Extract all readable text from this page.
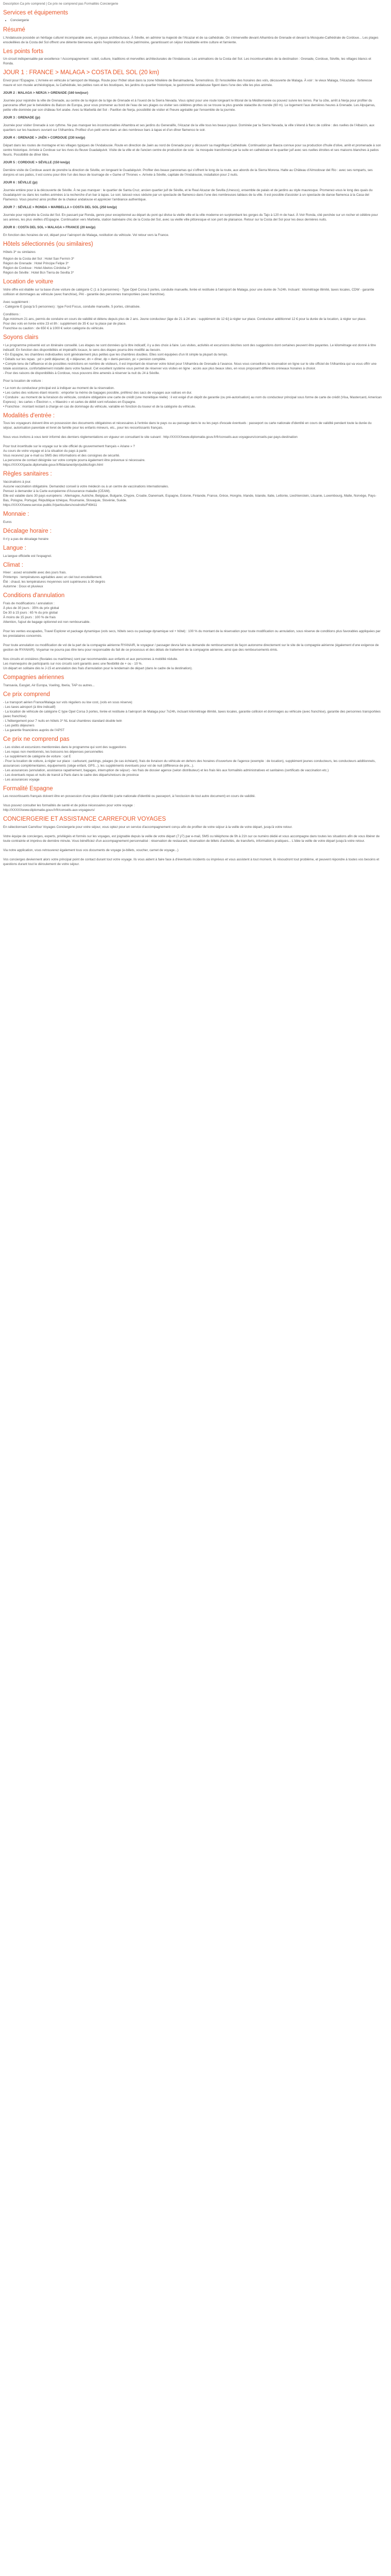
Description Ca priv comprend | Ce prix ne comprend pas Formalités Conciergerie
Services et équipements
• Conciergerie
Résumé

L'Andalousie possède un héritage culturel incomparable avec, en joyaux architecturaux, À Séville, en admirer la majesté de l'Alcazar et de sa cathédrale. On s'émerveille devant Alhambra de Grenade et devant la Mosquée-Cathédrale de Cordoue... Les plages ensoleillées de la Costa del Sol offrent une détente bienvenue après l'exploration du riche patrimoine, garantissant un séjour inoubliable entre culture et farniente.

Les points forts

Un circuit indispensable par excellence ! Accompagnement : soleil, culture, traditions et merveilles architecturales de l'Andalousie. Les animations de la Costa del Sol. Les incontournables de la destination : Grenade, Cordoue, Séville, les villages blancs et Ronda.

JOUR 1 : FRANCE > MALAGA > COSTA DEL SOL (20 km)

Envol pour l'Espagne. L'Arrivée en véhicule à l'aéroport de Malaga. Route pour l'hôtel situé dans la zone hôtelière de Benalmadena, Torremolinos. Et l'ensoleillée des horaires des vols, découverte de Malaga. À voir : le vieux Malaga, l'Alcazaba - forteresse maure et son musée archéologique, la Cathédrale, les petites rues et les boutiques, les jardins du quartier historique, le gastronomie andalouse figent dans l'une des ville les plus animée.

JOUR 2 : MALAGA > NERJA > GRENADE (160 km/jour)

Journée pour rejoindre la ville de Grenade, au centre de la région de la tige de Grenade et à l'ouest de la Sierra Nevada. Vous optez pour une route longeant le littoral de la Méditerranée ou pouvez suivre les terres. Par la côte, arrêt à Nerja pour profiter du panorama offert par le belvédère du Balcon de Europa, pour vous promener au bord de l'eau de ses plages ou visiter ses célèbres grottes où se trouve la plus grande stalactite du monde (60 m). Le logement l'aux dernières heures à Grenade. Les Alpujarras, petite ville dominée par son château fort arabe. Avec la Marbellà del Sol - Pavillon de Nerja, possibilité de visiter et l'heure agréable par l'ensemble de la journée.

JOUR 3 : GRENADE (jp)

Journée pour visiter Grenade à son rythme. Ne pas manquer les incontournables Alhambra et ses jardins du Generalife, l'Alcazar de la ville tous les beaux joyaux. Dominée par la Sierra Nevada, la ville s'étend à flanc de colline : des ruelles de l'Albaicín, aux quartiers sur les hauteurs ouvrant sur l'Alhambra. Profitez d'un petit verre dans un des nombreux bars à tapas et d'un dîner flamenco le soir.

JOUR 4 : GRENADE > JAÉN > CORDOUE (230 km/jp)

Départ dans les routes de montagne et les villages typiques de l'Andalousie. Route en direction de Jaén au nord de Grenade pour y découvrir sa magnifique Cathédrale. Continuation par Baeza connue pour sa production d'huile d'olive, arrêt et promenade à son centre historique. Arrivée à Cordoue sur les rives du fleuve Guadalquivir. Visite de la ville et de l'ancien centre de production de soie : la mosquée transformée par la suite en cathédrale et le quartier juif avec ses ruelles étroites et ses maisons blanches à patios fleuris. Possibilité de dîner libre.

JOUR 5 : CORDOUE > SÉVILLE (150 km/jp)

Dernière visite de Cordoue avant de prendre la direction de Séville, en longeant le Guadalquivir. Profiter des beaux panoramas qui s'offrent le long de la route, aux abords de la Sierra Morena. Halte au Château d'Almodovar del Rio : avec ses remparts, ses donjons et ses patios, il est connu pour être l'un des lieux de tournage de « Game of Thrones ». Arrivée à Séville, capitale de l'Andalousie, installation pour 2 nuits.

JOUR 6 : SÉVILLE (jp)

Journée entière pour à la découverte de Séville. À ne pas manquer : le quartier de Santa Cruz, ancien quartier juif de Séville, et le Real Alcazar de Sevilla (Unesco), ensemble de palais et de jardins au style mauresque. Promenez-vous le long des quais du Guadalquivir ou dans les ruelles animées à la recherche d'un bar à tapas. Le soir, laissez-vous séduire par un spectacle de flamenco dans l'une des nombreuses tablaos de la ville. Il est possible d'assister à un spectacle de danse flamenca à la Casa del Flamenco. Vous pourrez ainsi profiter de la chaleur andalouse et apprécier l'ambiance authentique.

JOUR 7 : SÉVILLE > RONDA > MARBELLA > COSTA DEL SOL (250 km/jp)

Journée pour rejoindre la Costa del Sol. En passant par Ronda, genre pour exceptionnel au départ du pont qui divise la vieille ville et la ville moderne en surplombant les gorges du Tajo à 120 m de haut. À Voir Ronda, cité perchée sur un rocher et célèbre pour ses arènes, les plus vieilles d'Espagne. Continuation vers Marbella, station balnéaire chic de la Costa del Sol, avec sa vieille ville pittoresque et son port de plaisance. Retour sur la Costa del Sol pour les deux dernières nuits.

JOUR 8 : COSTA DEL SOL > MALAGA > FRANCE (20 km/jp)

En fonction des horaires de vol, départ pour l'aéroport de Malaga, restitution du véhicule. Vol retour vers la France.

Hôtels sélectionnés (ou similaires)

Hôtels 3* ou similaires

Région de la Costa del Sol : Hotel San Fermín 3*

Région de Grenade : Hotel Principe Felipe 3*

Région de Cordoue : Hotel Abetos Córdoba 3*

Région de Séville : Hotel Bcn Tierra de Sevilla 3*

Location de voiture

Votre offre est établie sur la base d'une voiture de catégorie C (1 à 3 personnes) - Type Opel Corsa 3 portes, conduite manuelle, livrée et restituée à l'aéroport de Malaga, pour une durée de 7x24h. Incluant : kilométrage illimité, taxes locales, CDW - garantie collision et dommages au véhicule (avec franchise), PAI - garantie des personnes transportées (avec franchise).

Avec supplément :

- Catégorie E (jusqu'à 5 personnes) : type Ford Focus, conduite manuelle, 5 portes, climatisée.

Conditions :

Âge minimum 21 ans, permis de conduire en cours de validité et détenu depuis plus de 2 ans. Jeune conducteur (âge de 21 à 24 ans : supplément de 12 €/j à régler sur place. Conducteur additionnel 12 € pour la durée de la location, à régler sur place.
Pour des vols en livrée entre 23 et 8h : supplément de 35 € sur la place par de place.
Franchise ou caution : de 650 € à 1000 € selon catégorie du véhicule.

Soyons clairs

• Le programme présenté est un itinéraire conseillé. Les étapes ne sont données qu'à titre indicatif, il y a des choix à faire. Les visites, activités et excursions décrites sont des suggestions dont certaines peuvent être payantes. Le kilométrage est donné à titre indicatif. En fonction des disponibilités et impératifs locaux, le sens des étapes pourra être modifié au besoin.
• En Espagne, les chambres individuelles sont généralement plus petites que les chambres doubles. Elles sont équipées d'un lit simple la plupart du temps.
• Détails sur les repas : pd = petit déjeuner, dj = déjeuner, dn = dîner, dp = demi-pension, pc = pension complète.
• Compte tenu de l'affluence et de possibles restrictions en nombre de visiteurs, il est important de réserver votre ticket pour l'Alhambra de Grenade à l'avance. Nous vous conseillons la réservation en ligne sur le site officiel de l'Alhambra qui va vous offrir une totale assistance, confortablement installé dans votre fauteuil. Cet excellent système vous permet de réserver vos visites en ligne : accès aux plus beaux sites, en vous proposant différents créneaux horaires à choisir.
- Pour des raisons de disponibilités à Cordoue, nous pouvons être amenés à réserver la nuit du J4 à Séville.

Pour la location de voiture :

• Le nom du conducteur principal est à indiquer au moment de la réservation.
• Les cartes des voitures étant récents : emporter la mémo de bagages possible, préférez des sacs de voyages aux valises en dur.
• Conduire : au moment de la livraison du véhicule, conduire obligatoire une carte de crédit (une monétique réelle) : il est exigé d'un dépôt de garantie (ou pré-autorisation) au nom du conducteur principal sous forme de carte de crédit (Visa, Mastercard, American Express) ; les cartes « Électron », « Maestro » et cartes de débit sont refusées en Espagne.
• Franchise : montant restant à charge en cas de dommage du véhicule, variable en fonction du loueur et de la catégorie du véhicule.

Modalités d'entrée :

Tous les voyageurs doivent être en possession des documents obligatoires et nécessaires à l'entrée dans le pays ou au passage dans le ou les pays d'escale éventuels : passeport ou carte nationale d'identité en cours de validité pendant toute la durée du séjour, autorisation parentale et livret de famille pour les enfants mineurs, etc., pour les ressortissants français.

Nous vous invitons à vous tenir informé des derniers règlementations en vigueur en consultant le site suivant : http://XXXXXwww.diplomatie.gouv.fr/fr/conseils-aux-voyageurs/conseils-par-pays-destination

Pour tout incertitude sur le voyage sur le site officiel du gouvernement français « Ariane » ?
Au cours de votre voyage et à la situation du pays à partir.
Vous recevrez par e-mail ou SMS des informations et des consignes de sécurité.
La personne de contact désignée sur votre compte pourra également être prévenue si nécessaire.
https://XXXXXpacte.diplomatie.gouv.fr/fildariane/dyn/public/login.html

Règles sanitaires :

Vaccinations à jour.
Aucune vaccination obligatoire. Demandez conseil à votre médecin ou à un centre de vaccinations internationales.
Pensez à demander à la Carte européenne d'Assurance maladie (CEAM).
Elle est valable dans 30 pays européens : Allemagne, Autriche, Belgique, Bulgarie, Chypre, Croatie, Danemark, Espagne, Estonie, Finlande, France, Grèce, Hongrie, Irlande, Islande, Italie, Lettonie, Liechtenstein, Lituanie, Luxembourg, Malte, Norvège, Pays-Bas, Pologne, Portugal, République tchèque, Roumanie, Slovaquie, Slovénie, Suède.
https://XXXXXwww.service-public.fr/particuliers/vosdroits/F49411

Monnaie :

Euros

Décalage horaire :

Il n'y a pas de décalage horaire

Langue :

La langue officielle est l'espagnol.

Climat :

Hiver : assez ensoleillé avec des jours frais.
Printemps : températures agréables avec un ciel tout ensoleillement.
Été : chaud, les températures moyennes sont supérieures à 30 degrés
Automne : Doux et pluvieux

Conditions d'annulation

Frais de modifications / annulation :
À plus de 30 jours : 35% du prix global
De 30 à 15 jours : 65 % du prix global
À moins de 15 jours : 100 % de frais
Attention, l'ajout de bagage optionnel est non remboursable.

Pour les ventes escapades, Travel Explorer et package dynamique (vols secs, hôtels secs ou package dynamique vol + hôtel) : 100 % du montant de la réservation pour toute modification ou annulation, sous réserve de conditions plus favorables appliquées par les prestataires concernés.

Pour toute annulation ou modification de vol de la part de la compagnie aérienne RYANAIR, le voyageur / passager devra faire sa demande de remboursement de façon autonome directement sur le site de la compagnie aérienne (également d'une exigence de gestion de RYANAIR). Voyamar ne pourra pas être tenu pour responsable du fait de ce processus et des délais de traitement de la compagnie aérienne, ainsi que des remboursements émis.

Nos circuits et croisières (fluviales ou maritimes) sont par recommandés aux enfants et aux personnes à mobilité réduite.
Les mannequins de participants sur nos circuits sont garantis avec une flexibilité de + ou - 10 %.
Un départ en solitaire dès le J-15 et annulation des frais d'annulation pour le lendemain de départ (dans le cadre de la destination).

Compagnies aériennes

Transavia, Easyjet, Air Europa, Vueling, Iberia, TAP ou autres...

Ce prix comprend

- Le transport aérien France/Malaga sur vols réguliers ou low cost, (vols en sous réserve)
- Les taxes aéroport (à titre indicatif)
- La location de véhicule de catégorie C type Opel Corsa 3 portes, livrée et restituée à l'aéroport de Malaga pour 7x24h, incluant kilométrage illimité, taxes locales, garantie collision et dommages au véhicule (avec franchise), garantie des personnes transportées (avec franchise)
- L'hébergement pour 7 nuits en hôtels 3* NL local chambres standard double twin
- Les petits déjeuners
- La garantie financières auprès de l'APST

Ce prix ne comprend pas

- Les visites et excursions mentionnées dans le programme qui sont des suggestions
- Les repas non mentionnés, les boissons les dépenses personnelles
- Le supplément de catégorie de voiture : cat E
- Pour la location de voiture, à régler sur place : carburant, parkings, péages (le cas échéant), frais de livraison du véhicule en dehors des horaires d'ouverture de l'agence (exemple : de location), supplément jeunes conducteurs, les conducteurs additionnels, assurances complémentaires, équipements (siège enfant, GPS...), les suppléments éventuels pour vol de nuit (différence de prix...).
- Les assurances (annulation, assistance rapatriement, bagages, interruption de séjour) - les frais de dossier agence (selon distributeur) et les frais liés aux formalités administratives et sanitaires (certificats de vaccination etc.)
- Les éventuels repas et nuits de transit à Paris dans le cadre des départs/retours de province
- Les assurances voyage

Formalité Espagne

Les ressortissants français doivent être en possession d'une pièce d'identité (carte nationale d'identité ou passeport, à l'exclusion de tout autre document) en cours de validité.

Vous pouvez consulter les formalités de santé et de police nécessaires pour votre voyage :
http://XXXXXwww.diplomatie.gouv.fr/fr/conseils-aux-voyageurs/

CONCIERGERIE ET ASSISTANCE CARREFOUR VOYAGES

En sélectionnant Carrefour Voyages Conciergerie pour votre séjour, vous optez pour un service d'accompagnement conçu afin de profiter de votre séjour à la veille de votre départ, jusqu'à votre retour.

Votre équipe de concierges, experts, privilégiés et formés sur les voyages, est joignable depuis la veille de votre départ (7 j/7) par e-mail, SMS ou téléphone de 9h à 21h sur ce numéro dédié et vous accompagne dans toutes les situations afin de vous libérer de toute contrainte et imprévu de dernière minute. Vous bénéficiez d'un accompagnement personnalisé : réservation de restaurant, réservation de billets d'activités, de transferts, informations pratiques... L'idée la veille de votre départ jusqu'à votre retour.

Via notre application, vous retrouverez également tous vos documents de voyage (e-billets, voucher, carnet de voyage...)

Vos concierges deviennent alors votre principal point de contact durant tout votre voyage. Ils vous aident à faire face à d'éventuels incidents ou imprévus et vous assistent à tout moment, ils résoudront tout problème, et peuvent répondre à toutes vos besoins et questions durant tout le déroulement de votre séjour.
